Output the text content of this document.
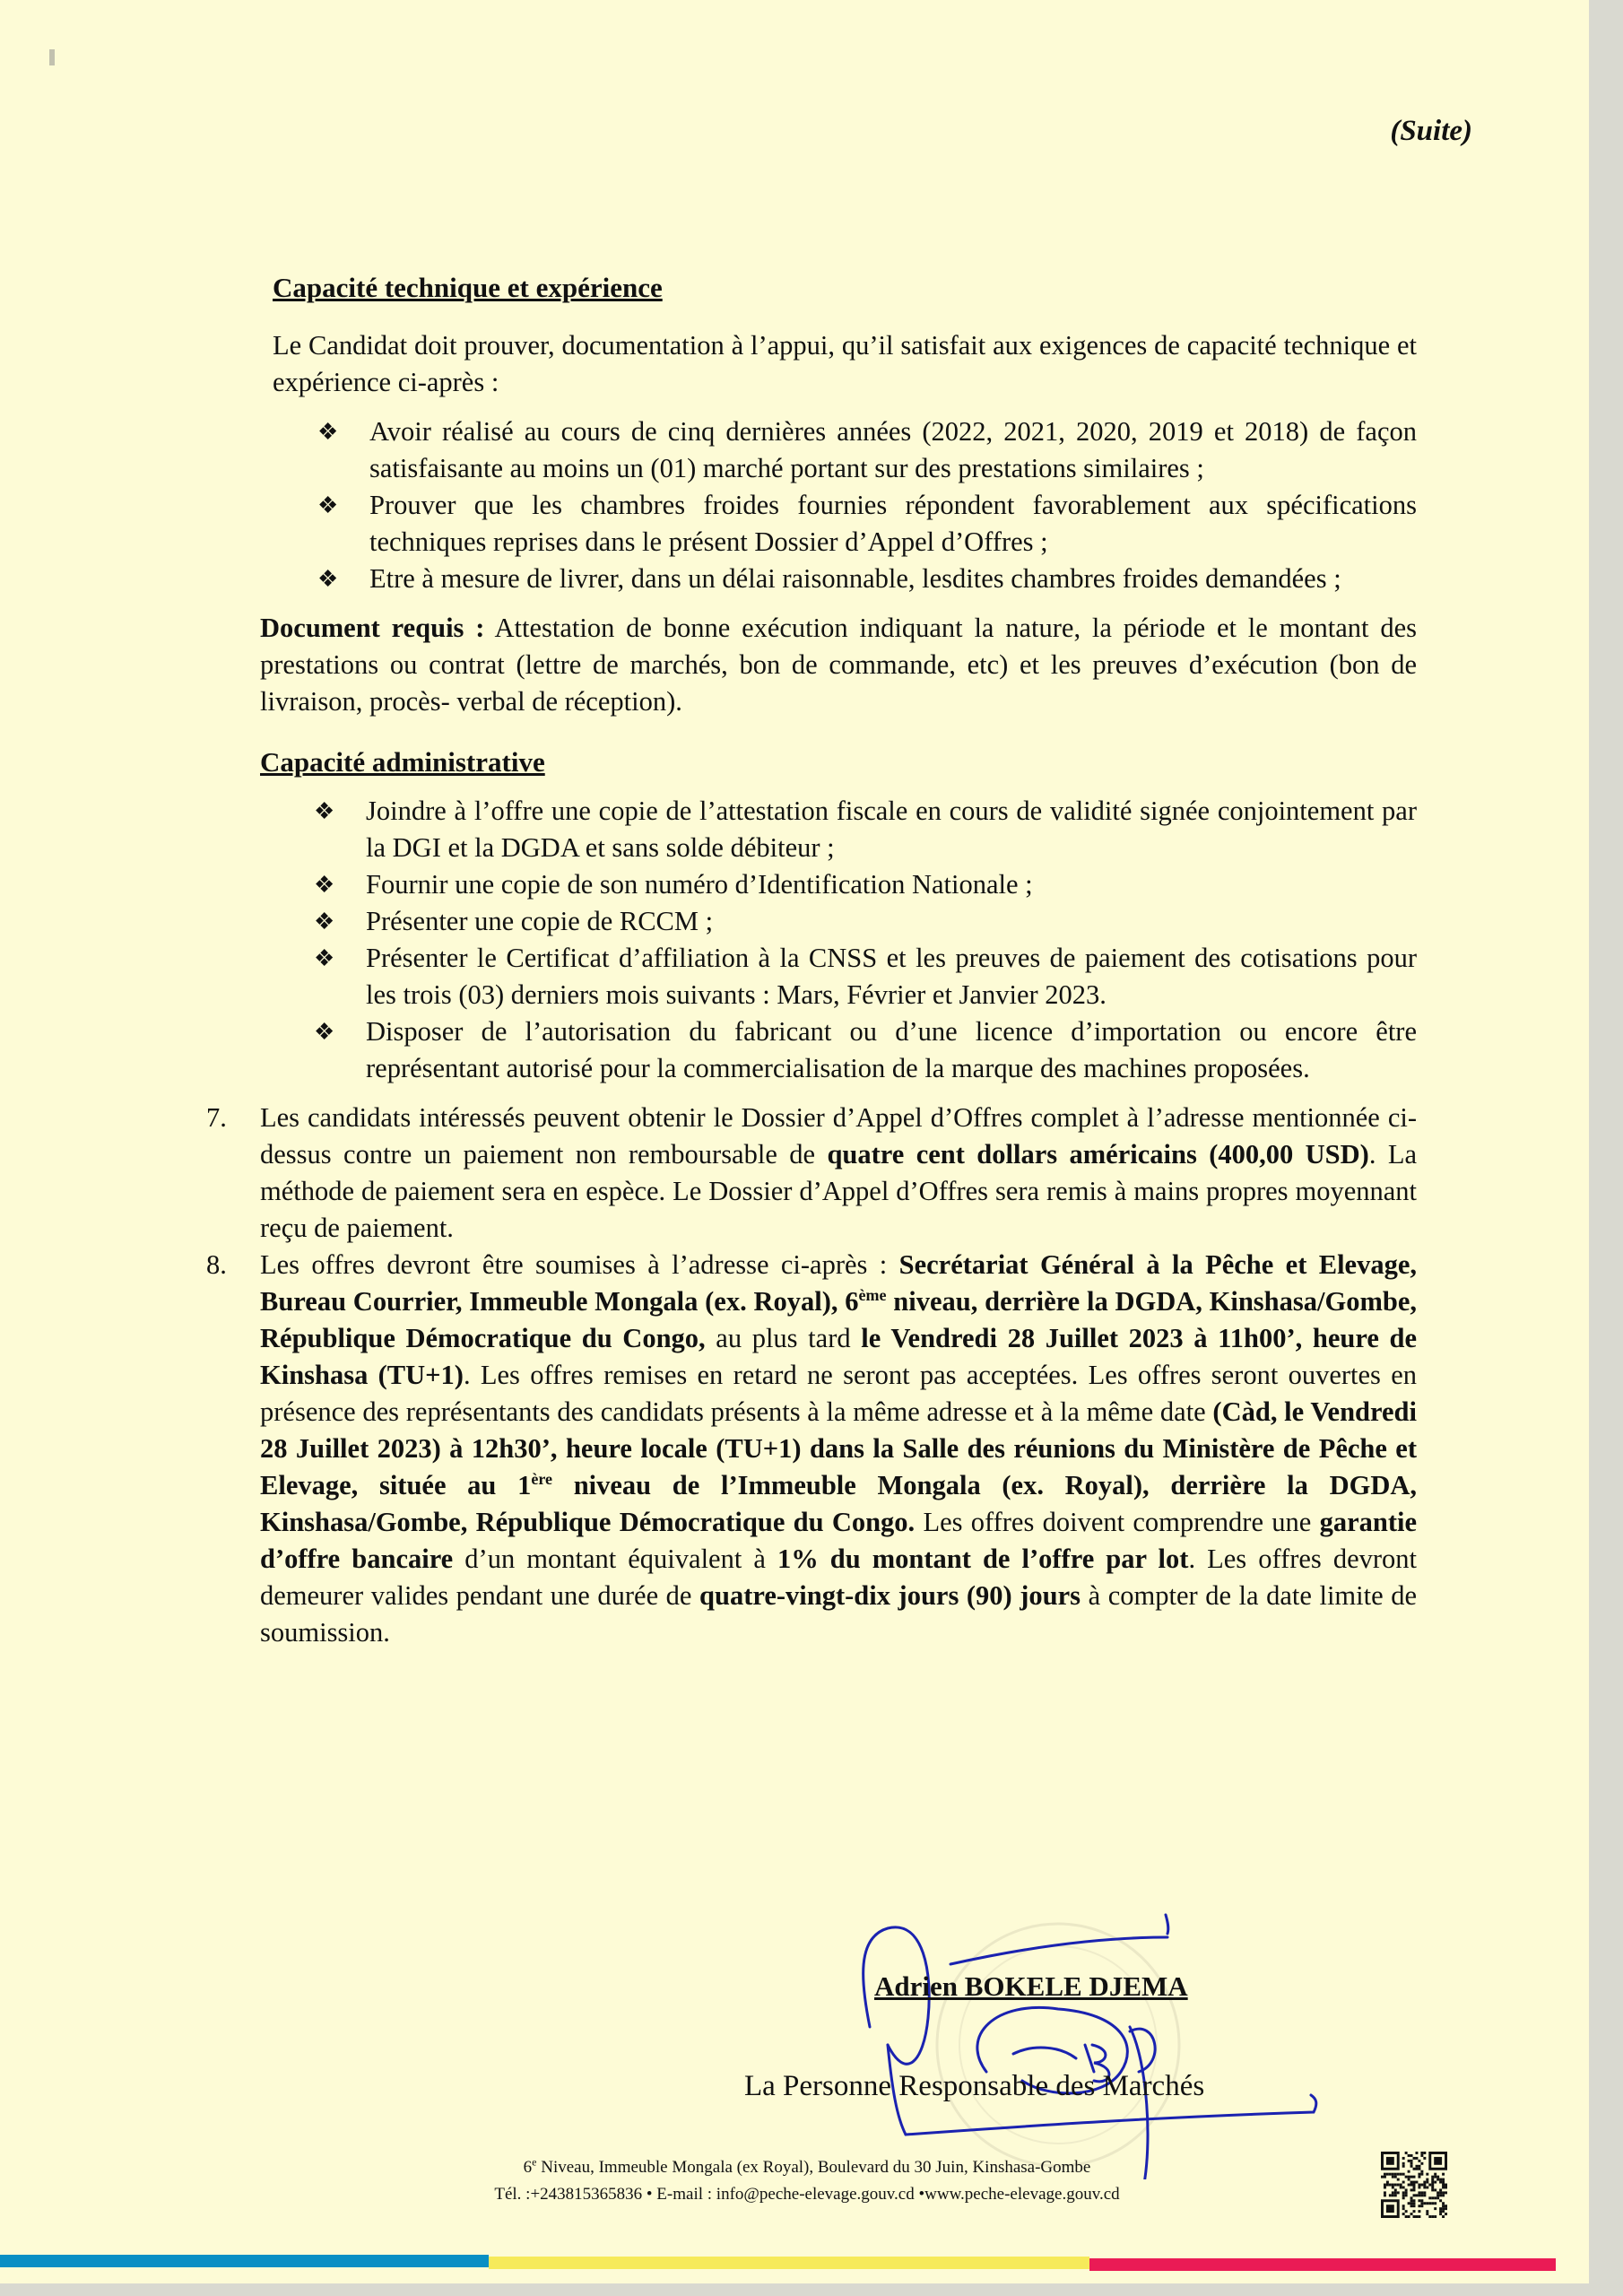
(Suite)
Capacité technique et expérience

Le Candidat doit prouver, documentation à l’appui, qu’il satisfait aux exigences de capacité technique et expérience ci-après :

❖ Avoir réalisé au cours de cinq dernières années (2022, 2021, 2020, 2019 et 2018) de façon satisfaisante au moins un (01) marché portant sur des prestations similaires ;
❖ Prouver que les chambres froides fournies répondent favorablement aux spécifications techniques reprises dans le présent Dossier d’Appel d’Offres ;
❖ Etre à mesure de livrer, dans un délai raisonnable, lesdites chambres froides demandées ;

Document requis : Attestation de bonne exécution indiquant la nature, la période et le montant des prestations ou contrat (lettre de marchés, bon de commande, etc) et les preuves d’exécution (bon de livraison, procès- verbal de réception).

Capacité administrative
❖ Joindre à l’offre une copie de l’attestation fiscale en cours de validité signée conjointement par la DGI et la DGDA et sans solde débiteur ;
❖ Fournir une copie de son numéro d’Identification Nationale ;
❖ Présenter une copie de RCCM ;
❖ Présenter le Certificat d’affiliation à la CNSS et les preuves de paiement des cotisations pour les trois (03) derniers mois suivants : Mars, Février et Janvier 2023.
❖ Disposer de l’autorisation du fabricant ou d’une licence d’importation ou encore être représentant autorisé pour la commercialisation de la marque des machines proposées.
7. Les candidats intéressés peuvent obtenir le Dossier d’Appel d’Offres complet à l’adresse mentionnée ci-dessus contre un paiement non remboursable de quatre cent dollars américains (400,00 USD). La méthode de paiement sera en espèce. Le Dossier d’Appel d’Offres sera remis à mains propres moyennant reçu de paiement.
8. Les offres devront être soumises à l’adresse ci-après : Secrétariat Général à la Pêche et Elevage, Bureau Courrier, Immeuble Mongala (ex. Royal), 6ème niveau, derrière la DGDA, Kinshasa/Gombe, République Démocratique du Congo, au plus tard le Vendredi 28 Juillet 2023 à 11h00’, heure de Kinshasa (TU+1). Les offres remises en retard ne seront pas acceptées. Les offres seront ouvertes en présence des représentants des candidats présents à la même adresse et à la même date (Càd, le Vendredi 28 Juillet 2023) à 12h30’, heure locale (TU+1) dans la Salle des réunions du Ministère de Pêche et Elevage, située au 1ère niveau de l’Immeuble Mongala (ex. Royal), derrière la DGDA, Kinshasa/Gombe, République Démocratique du Congo. Les offres doivent comprendre une garantie d’offre bancaire d’un montant équivalent à 1% du montant de l’offre par lot. Les offres devront demeurer valides pendant une durée de quatre-vingt-dix jours (90) jours à compter de la date limite de soumission.
Adrien BOKELE DJEMA
La Personne Responsable des Marchés
6e Niveau, Immeuble Mongala (ex Royal), Boulevard du 30 Juin, Kinshasa-Gombe
Tél. :+243815365836 • E-mail : info@peche-elevage.gouv.cd •www.peche-elevage.gouv.cd
